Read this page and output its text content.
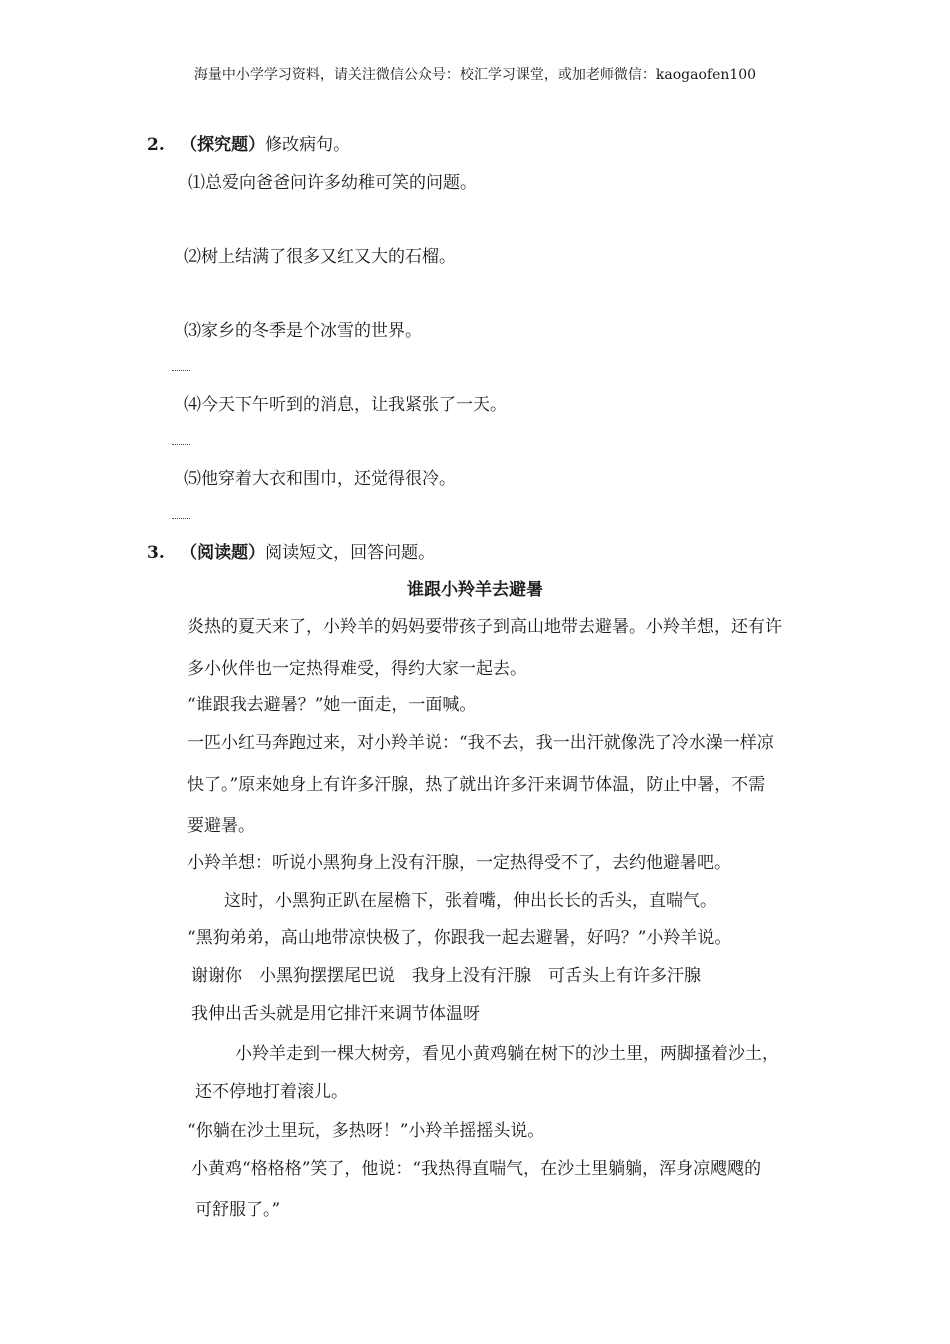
海量中小学学习资料，请关注微信公众号：校汇学习课堂，或加老师微信：kaogaofen100
2. （探究题）修改病句。
⑴总爱向爸爸问许多幼稚可笑的问题。
⑵树上结满了很多又红又大的石榴。
⑶家乡的冬季是个冰雪的世界。
⑷今天下午听到的消息，让我紧张了一天。
⑸他穿着大衣和围巾，还觉得很冷。
3. （阅读题）阅读短文，回答问题。
谁跟小羚羊去避暑
炎热的夏天来了，小羚羊的妈妈要带孩子到高山地带去避暑。小羚羊想，还有许
多小伙伴也一定热得难受，得约大家一起去。
“谁跟我去避暑？”她一面走，一面喊。
一匹小红马奔跑过来，对小羚羊说：“我不去，我一出汗就像洗了冷水澡一样凉
快了。”原来她身上有许多汗腺，热了就出许多汗来调节体温，防止中暑，不需
要避暑。
小羚羊想：听说小黑狗身上没有汗腺，一定热得受不了，去约他避暑吧。
这时，小黑狗正趴在屋檐下，张着嘴，伸出长长的舌头，直喘气。
“黑狗弟弟，高山地带凉快极了，你跟我一起去避暑，好吗？”小羚羊说。
谢谢你　小黑狗摆摆尾巴说　我身上没有汗腺　可舌头上有许多汗腺
我伸出舌头就是用它排汗来调节体温呀
小羚羊走到一棵大树旁，看见小黄鸡躺在树下的沙土里，两脚搔着沙土，
还不停地打着滚儿。
“你躺在沙土里玩，多热呀！”小羚羊摇摇头说。
小黄鸡“格格格”笑了，他说：“我热得直喘气，在沙土里躺躺，浑身凉飕飕的
可舒服了。”
